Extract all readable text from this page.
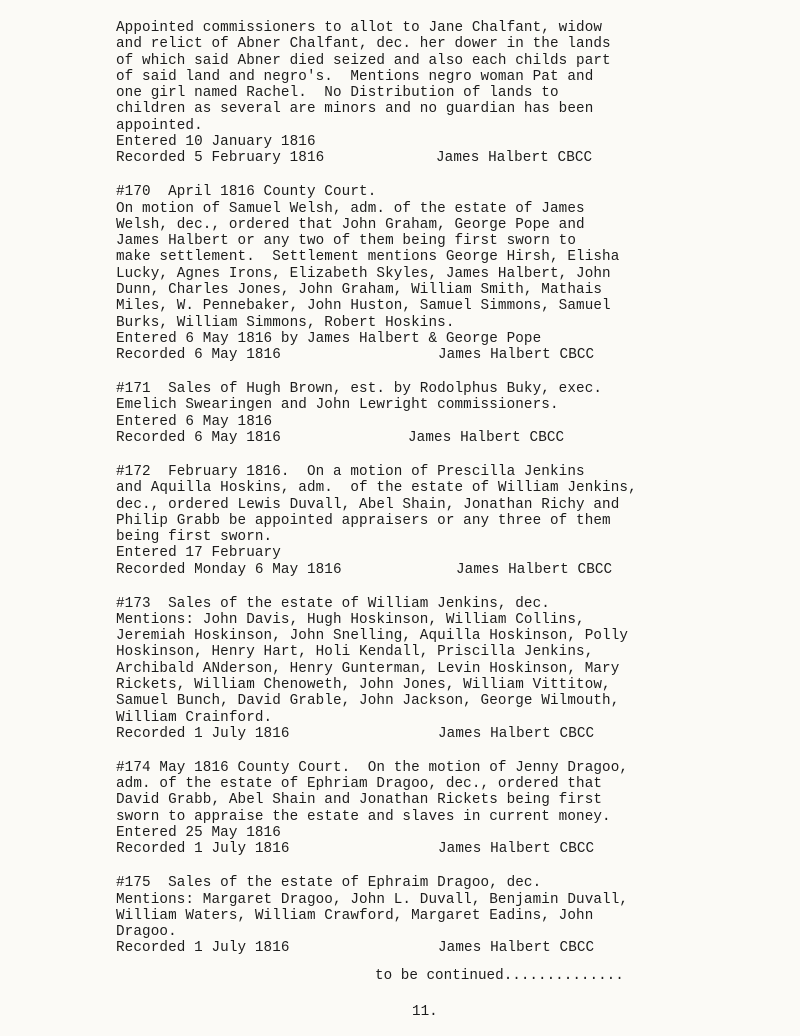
Appointed commissioners to allot to Jane Chalfant, widow
and relict of Abner Chalfant, dec. her dower in the lands
of which said Abner died seized and also each childs part
of said land and negro's.  Mentions negro woman Pat and
one girl named Rachel.  No Distribution of lands to
children as several are minors and no guardian has been
appointed.
Entered 10 January 1816
Recorded 5 February 1816	James Halbert CBCC
#170  April 1816 County Court.
On motion of Samuel Welsh, adm. of the estate of James
Welsh, dec., ordered that John Graham, George Pope and
James Halbert or any two of them being first sworn to
make settlement.  Settlement mentions George Hirsh, Elisha
Lucky, Agnes Irons, Elizabeth Skyles, James Halbert, John
Dunn, Charles Jones, John Graham, William Smith, Mathais
Miles, W. Pennebaker, John Huston, Samuel Simmons, Samuel
Burks, William Simmons, Robert Hoskins.
Entered 6 May 1816 by James Halbert & George Pope
Recorded 6 May 1816	James Halbert CBCC
#171  Sales of Hugh Brown, est. by Rodolphus Buky, exec.
Emelich Swearingen and John Lewright commissioners.
Entered 6 May 1816
Recorded 6 May 1816	James Halbert CBCC
#172  February 1816.  On a motion of Prescilla Jenkins
and Aquilla Hoskins, adm.  of the estate of William Jenkins,
dec., ordered Lewis Duvall, Abel Shain, Jonathan Richy and
Philip Grabb be appointed appraisers or any three of them
being first sworn.
Entered 17 February
Recorded Monday 6 May 1816	James Halbert CBCC
#173  Sales of the estate of William Jenkins, dec.
Mentions: John Davis, Hugh Hoskinson, William Collins,
Jeremiah Hoskinson, John Snelling, Aquilla Hoskinson, Polly
Hoskinson, Henry Hart, Holi Kendall, Priscilla Jenkins,
Archibald ANderson, Henry Gunterman, Levin Hoskinson, Mary
Rickets, William Chenoweth, John Jones, William Vittitow,
Samuel Bunch, David Grable, John Jackson, George Wilmouth,
William Crainford.
Recorded 1 July 1816	James Halbert CBCC
#174 May 1816 County Court.  On the motion of Jenny Dragoo,
adm. of the estate of Ephriam Dragoo, dec., ordered that
David Grabb, Abel Shain and Jonathan Rickets being first
sworn to appraise the estate and slaves in current money.
Entered 25 May 1816
Recorded 1 July 1816	James Halbert CBCC
#175  Sales of the estate of Ephraim Dragoo, dec.
Mentions: Margaret Dragoo, John L. Duvall, Benjamin Duvall,
William Waters, William Crawford, Margaret Eadins, John
Dragoo.
Recorded 1 July 1816	James Halbert CBCC
to be continued..............
11.
